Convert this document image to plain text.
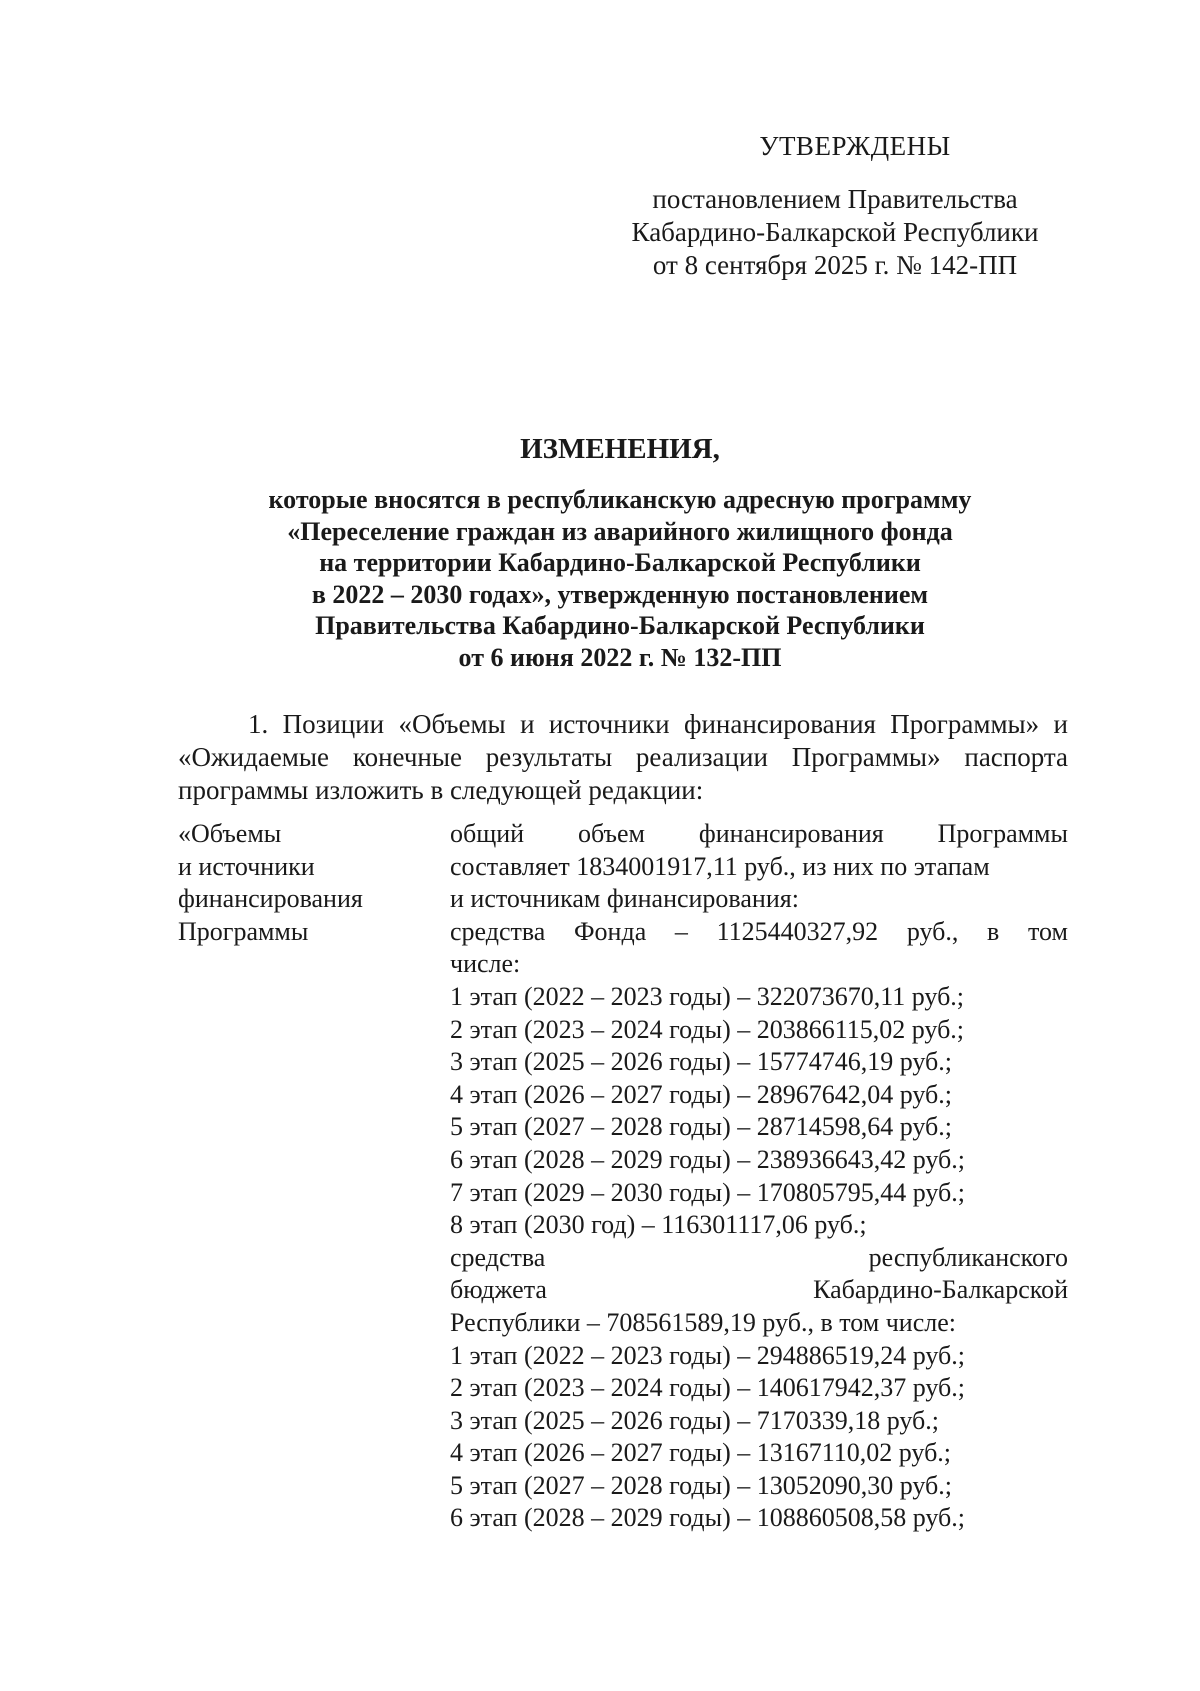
УТВЕРЖДЕНЫ
постановлением Правительства
Кабардино-Балкарской Республики
от 8 сентября 2025 г. № 142-ПП
ИЗМЕНЕНИЯ,
которые вносятся в республиканскую адресную программу
«Переселение граждан из аварийного жилищного фонда
на территории Кабардино-Балкарской Республики
в 2022 – 2030 годах», утвержденную постановлением
Правительства Кабардино-Балкарской Республики
от 6 июня 2022 г. № 132-ПП
1. Позиции «Объемы и источники финансирования Программы» и «Ожидаемые конечные результаты реализации Программы» паспорта программы изложить в следующей редакции:
«Объемы
и источники
финансирования
Программы
общий объем финансирования Программы
составляет 1834001917,11 руб., из них по этапам
и источникам финансирования:
средства Фонда – 1125440327,92 руб., в том
числе:
1 этап (2022 – 2023 годы) – 322073670,11 руб.;
2 этап (2023 – 2024 годы) – 203866115,02 руб.;
3 этап (2025 – 2026 годы) – 15774746,19 руб.;
4 этап (2026 – 2027 годы) – 28967642,04 руб.;
5 этап (2027 – 2028 годы) – 28714598,64 руб.;
6 этап (2028 – 2029 годы) – 238936643,42 руб.;
7 этап (2029 – 2030 годы) – 170805795,44 руб.;
8 этап (2030 год) – 116301117,06 руб.;
средства	республиканского
бюджета	Кабардино-Балкарской
Республики – 708561589,19 руб., в том числе:
1 этап (2022 – 2023 годы) – 294886519,24 руб.;
2 этап (2023 – 2024 годы) – 140617942,37 руб.;
3 этап (2025 – 2026 годы) – 7170339,18 руб.;
4 этап (2026 – 2027 годы) – 13167110,02 руб.;
5 этап (2027 – 2028 годы) – 13052090,30 руб.;
6 этап (2028 – 2029 годы) – 108860508,58 руб.;
